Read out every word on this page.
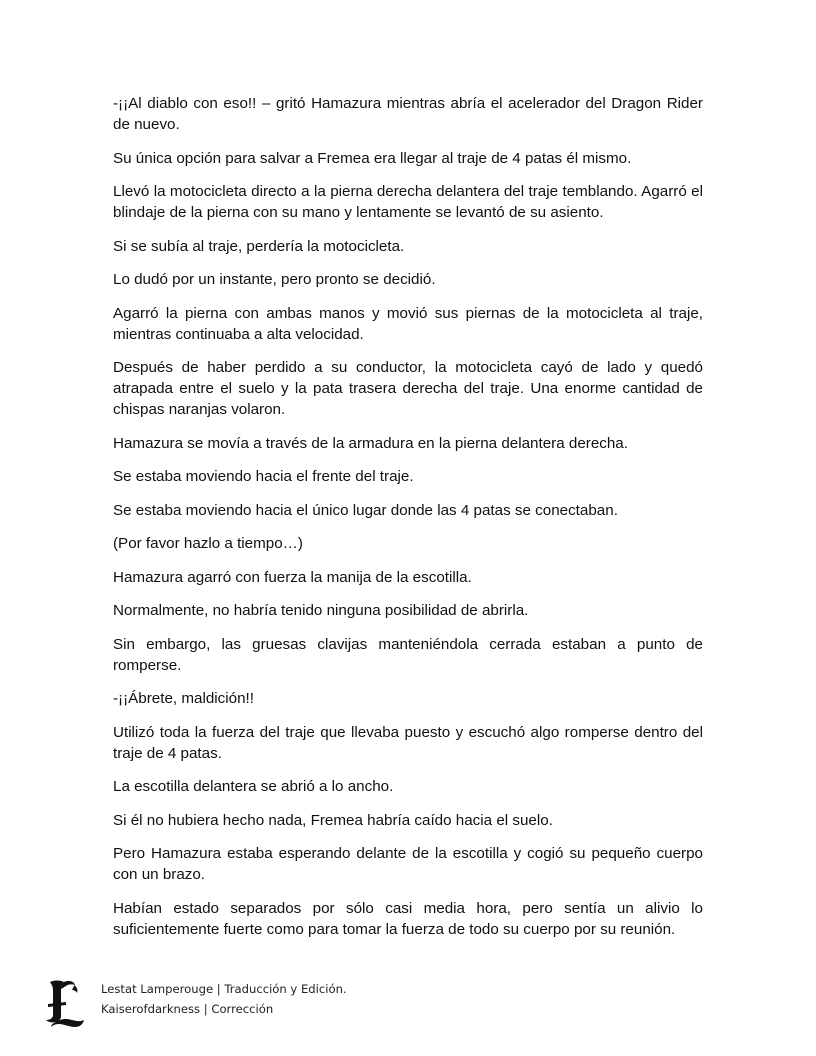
-¡¡Al diablo con eso!! – gritó Hamazura mientras abría el acelerador del Dragon Rider de nuevo.

Su única opción para salvar a Fremea era llegar al traje de 4 patas él mismo.

Llevó la motocicleta directo a la pierna derecha delantera del traje temblando. Agarró el blindaje de la pierna con su mano y lentamente se levantó de su asiento.

Si se subía al traje, perdería la motocicleta.

Lo dudó por un instante, pero pronto se decidió.

Agarró la pierna con ambas manos y movió sus piernas de la motocicleta al traje, mientras continuaba a alta velocidad.

Después de haber perdido a su conductor, la motocicleta cayó de lado y quedó atrapada entre el suelo y la pata trasera derecha del traje. Una enorme cantidad de chispas naranjas volaron.

Hamazura se movía a través de la armadura en la pierna delantera derecha.

Se estaba moviendo hacia el frente del traje.

Se estaba moviendo hacia el único lugar donde las 4 patas se conectaban.

(Por favor hazlo a tiempo…)

Hamazura agarró con fuerza la manija de la escotilla.

Normalmente, no habría tenido ninguna posibilidad de abrirla.

Sin embargo, las gruesas clavijas manteniéndola cerrada estaban a punto de romperse.

-¡¡Ábrete, maldición!!

Utilizó toda la fuerza del traje que llevaba puesto y escuchó algo romperse dentro del traje de 4 patas.

La escotilla delantera se abrió a lo ancho.

Si él no hubiera hecho nada, Fremea habría caído hacia el suelo.

Pero Hamazura estaba esperando delante de la escotilla y cogió su pequeño cuerpo con un brazo.

Habían estado separados por sólo casi media hora, pero sentía un alivio lo suficientemente fuerte como para tomar la fuerza de todo su cuerpo por su reunión.

Lestat Lamperouge | Traducción y Edición.
Kaiserofdarkness | Corrección
